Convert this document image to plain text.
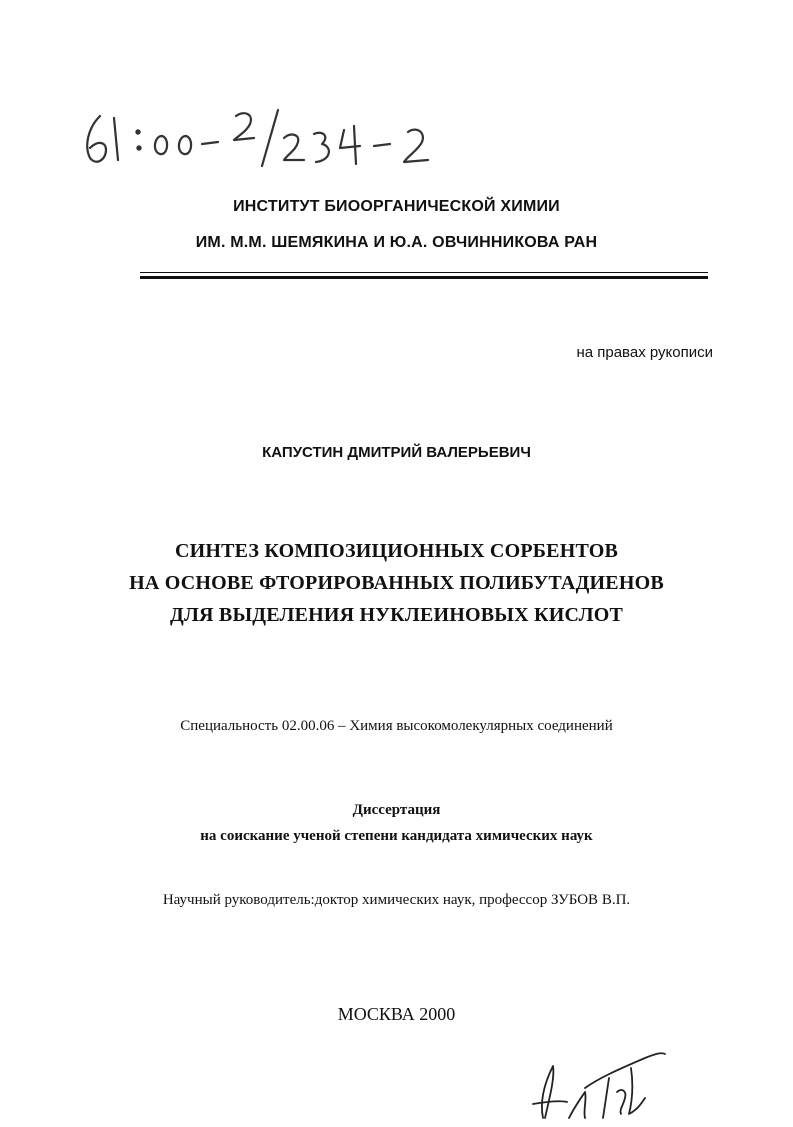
ИНСТИТУТ БИООРГАНИЧЕСКОЙ ХИМИИ
ИМ. М.М. ШЕМЯКИНА И Ю.А. ОВЧИННИКОВА РАН
на правах рукописи
КАПУСТИН ДМИТРИЙ ВАЛЕРЬЕВИЧ
СИНТЕЗ КОМПОЗИЦИОННЫХ СОРБЕНТОВ
НА ОСНОВЕ ФТОРИРОВАННЫХ ПОЛИБУТАДИЕНОВ
ДЛЯ ВЫДЕЛЕНИЯ НУКЛЕИНОВЫХ КИСЛОТ
Специальность 02.00.06 – Химия высокомолекулярных соединений
Диссертация
на соискание ученой степени кандидата химических наук
Научный руководитель:доктор химических наук, профессор ЗУБОВ В.П.
МОСКВА 2000
